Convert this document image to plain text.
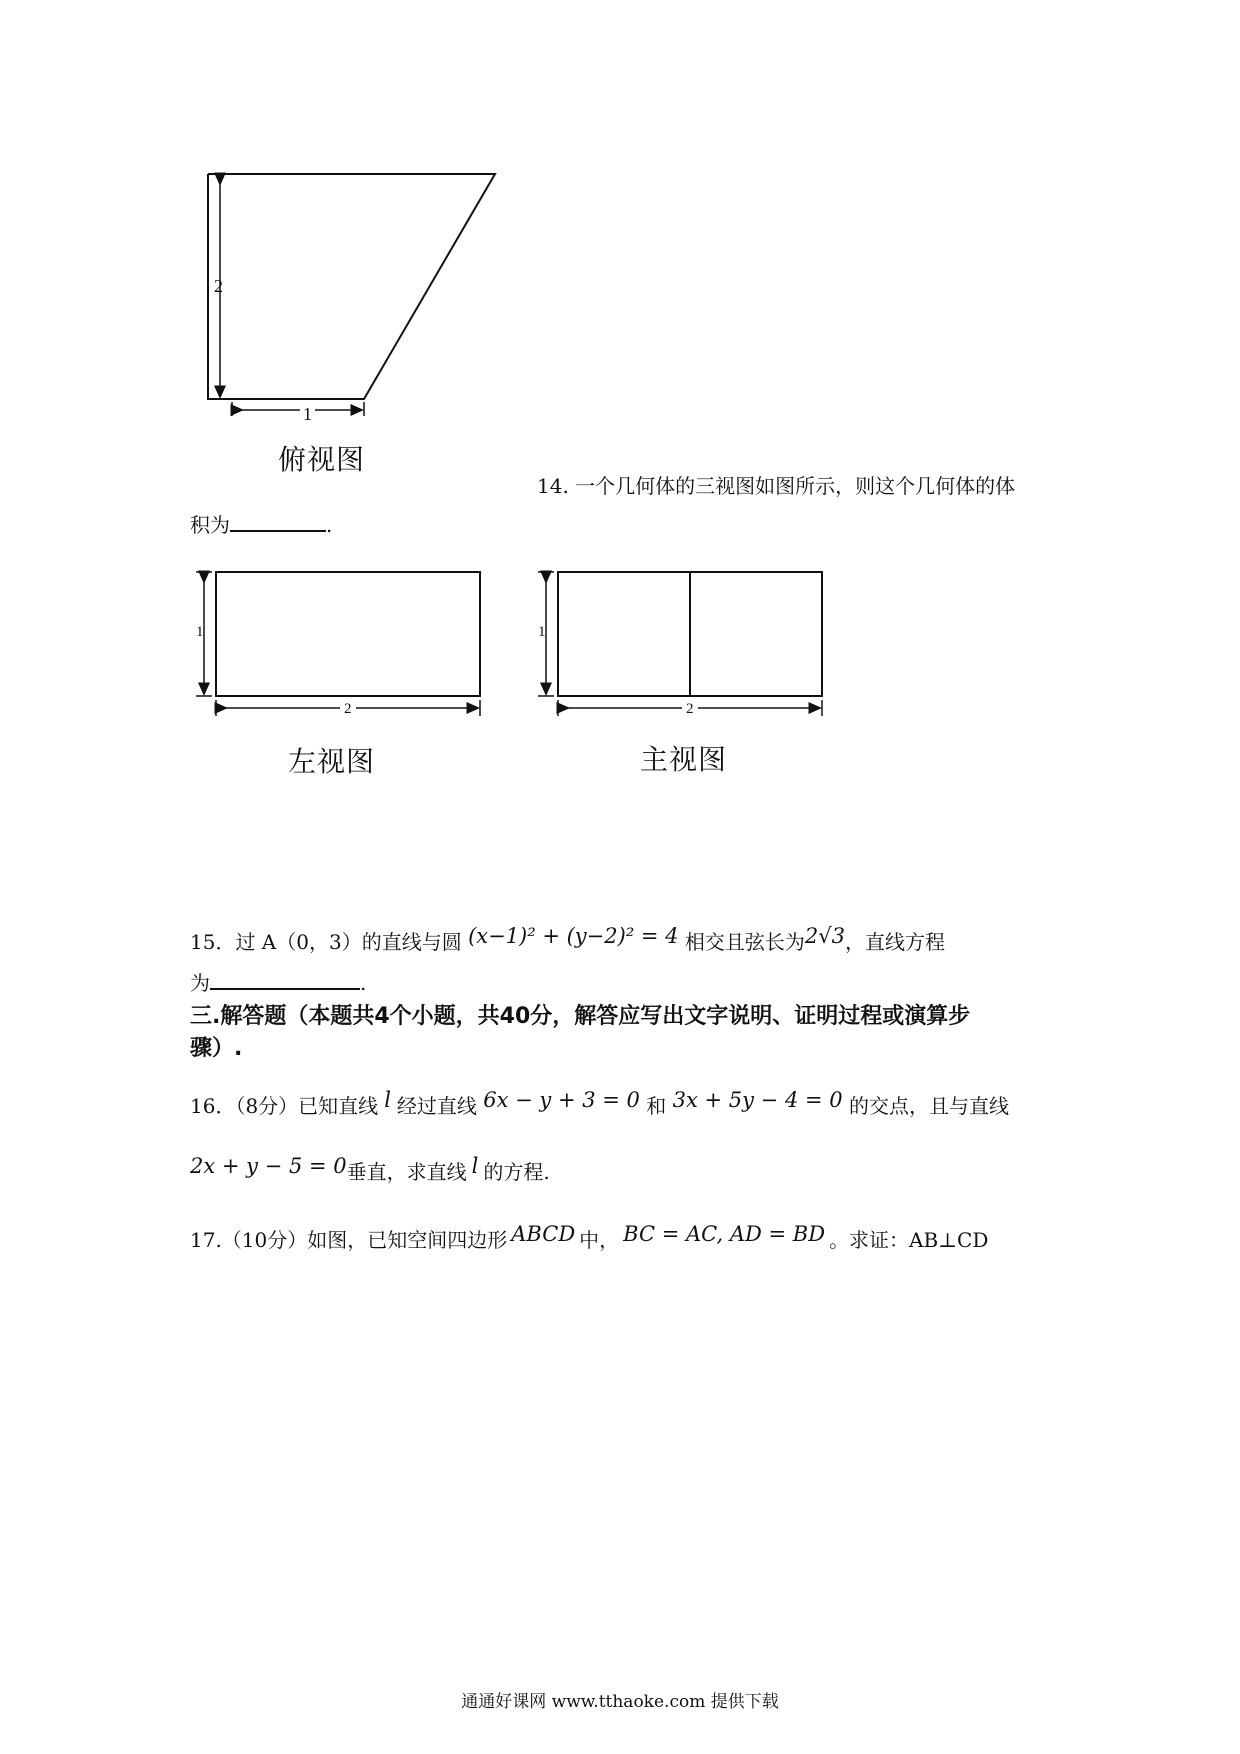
2
1
俯视图
14. 一个几何体的三视图如图所示，则这个几何体的体
积为	.
1
2
左视图
1
2
主视图
15．过 A（0，3）的直线与圆 (x−1)² + (y−2)² = 4 相交且弦长为2√3，直线方程
为	.
三.解答题（本题共4个小题，共40分，解答应写出文字说明、证明过程或演算步
骤）.
16．（8分）已知直线 l 经过直线 6x − y + 3 = 0 和 3x + 5y − 4 = 0 的交点，且与直线
2x + y − 5 = 0垂直，求直线 l 的方程.
17.（10分）如图，已知空间四边形 ABCD 中， BC = AC, AD = BD 。求证：AB⊥CD
通通好课网 www.tthaoke.com 提供下载
